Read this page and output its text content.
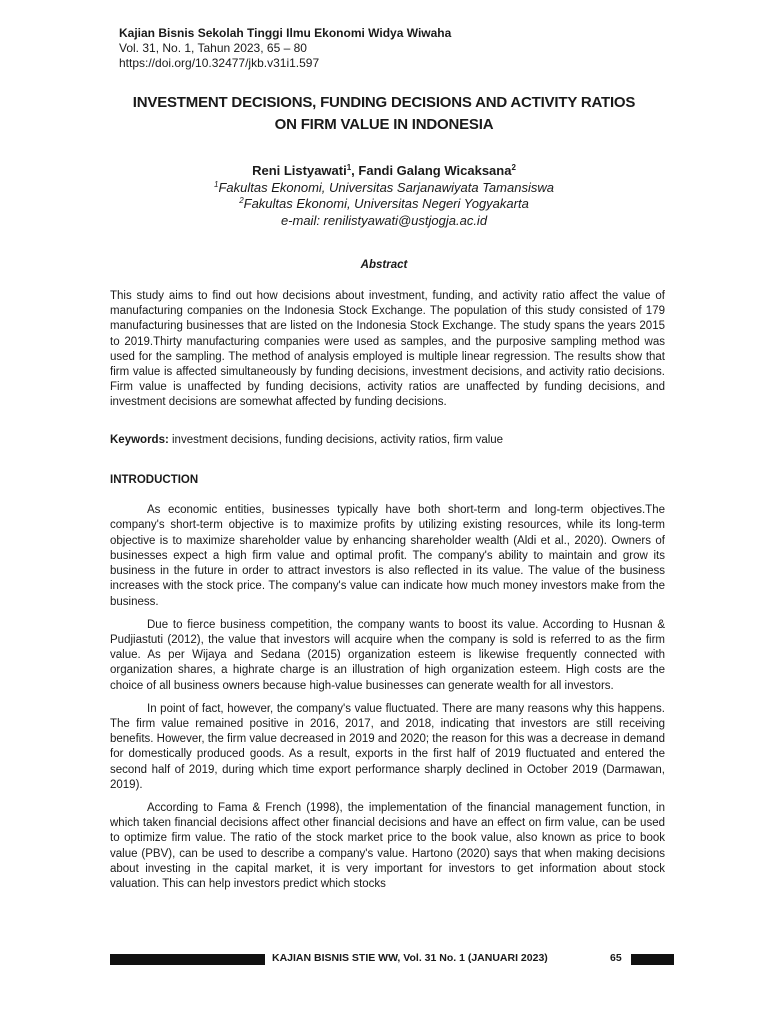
Kajian Bisnis Sekolah Tinggi Ilmu Ekonomi Widya Wiwaha
Vol. 31, No. 1, Tahun 2023, 65 – 80
https://doi.org/10.32477/jkb.v31i1.597
INVESTMENT DECISIONS, FUNDING DECISIONS AND ACTIVITY RATIOS
ON FIRM VALUE IN INDONESIA
Reni Listyawati$^1$, Fandi Galang Wicaksana$^2$
$^1$Fakultas Ekonomi, Universitas Sarjanawiyata Tamansiswa
$^2$Fakultas Ekonomi, Universitas Negeri Yogyakarta
e-mail: renilistyawati@ustjogja.ac.id
Abstract
This study aims to find out how decisions about investment, funding, and activity ratio affect the value of manufacturing companies on the Indonesia Stock Exchange. The population of this study consisted of 179 manufacturing businesses that are listed on the Indonesia Stock Exchange. The study spans the years 2015 to 2019.Thirty manufacturing companies were used as samples, and the purposive sampling method was used for the sampling. The method of analysis employed is multiple linear regression. The results show that firm value is affected simultaneously by funding decisions, investment decisions, and activity ratio decisions. Firm value is unaffected by funding decisions, activity ratios are unaffected by funding decisions, and investment decisions are somewhat affected by funding decisions.
Keywords: investment decisions, funding decisions, activity ratios, firm value
INTRODUCTION

As economic entities, businesses typically have both short-term and long-term objectives.The company's short-term objective is to maximize profits by utilizing existing resources, while its long-term objective is to maximize shareholder value by enhancing shareholder wealth (Aldi et al., 2020). Owners of businesses expect a high firm value and optimal profit. The company's ability to maintain and grow its business in the future in order to attract investors is also reflected in its value. The value of the business increases with the stock price. The company's value can indicate how much money investors make from the business.

Due to fierce business competition, the company wants to boost its value. According to Husnan & Pudjiastuti (2012), the value that investors will acquire when the company is sold is referred to as the firm value. As per Wijaya and Sedana (2015) organization esteem is likewise frequently connected with organization shares, a highrate charge is an illustration of high organization esteem. High costs are the choice of all business owners because high-value businesses can generate wealth for all investors.

In point of fact, however, the company's value fluctuated. There are many reasons why this happens. The firm value remained positive in 2016, 2017, and 2018, indicating that investors are still receiving benefits. However, the firm value decreased in 2019 and 2020; the reason for this was a decrease in demand for domestically produced goods. As a result, exports in the first half of 2019 fluctuated and entered the second half of 2019, during which time export performance sharply declined in October 2019 (Darmawan, 2019).

According to Fama & French (1998), the implementation of the financial management function, in which taken financial decisions affect other financial decisions and have an effect on firm value, can be used to optimize firm value. The ratio of the stock market price to the book value, also known as price to book value (PBV), can be used to describe a company's value. Hartono (2020) says that when making decisions about investing in the capital market, it is very important for investors to get information about stock valuation. This can help investors predict which stocks

KAJIAN BISNIS STIE WW, Vol. 31 No. 1 (JANUARI 2023)	65
